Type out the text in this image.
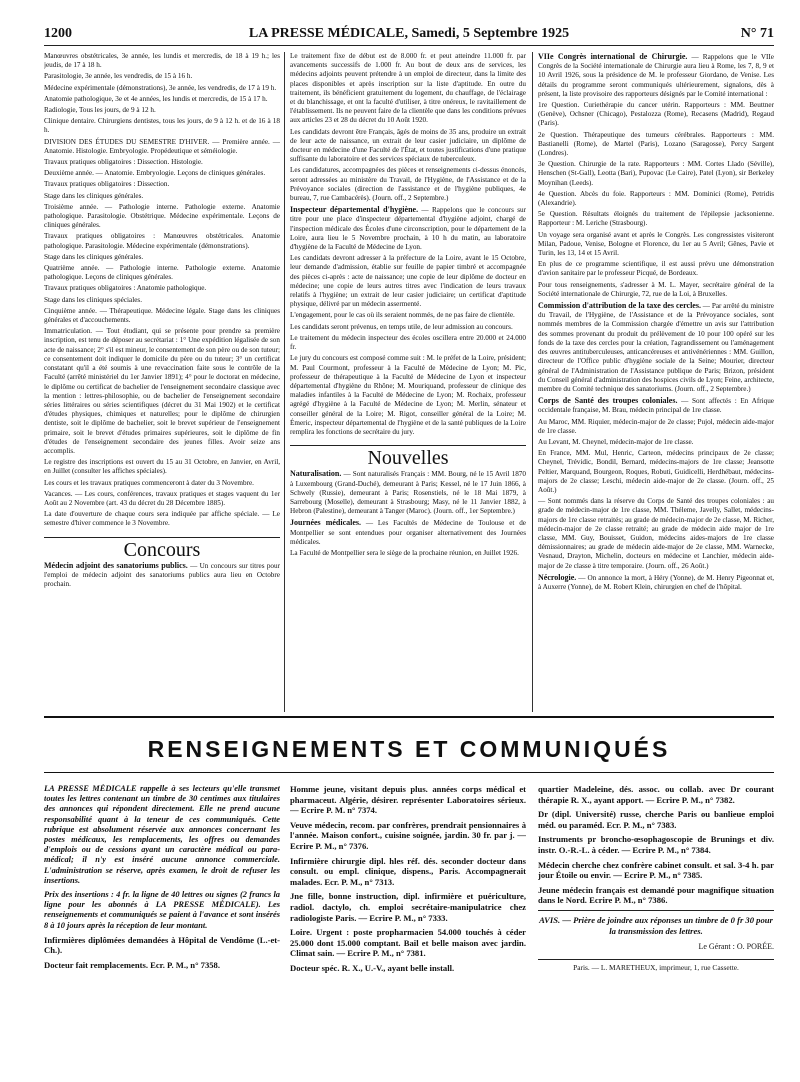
1200	LA PRESSE MÉDICALE, Samedi, 5 Septembre 1925	N° 71

Manœuvres obstétricales, 3e année, les lundis et mercredis, de 18 à 19 h.; les jeudis, de 17 à 18 h.

Parasitologie, 3e année, les vendredis, de 15 à 16 h.

Médecine expérimentale (démonstrations), 3e année, les vendredis, de 17 à 19 h.

Anatomie pathologique, 3e et 4e années, les lundis et mercredis, de 15 à 17 h.

Radiologie, Tous les jours, de 9 à 12 h.

Clinique dentaire. Chirurgiens dentistes, tous les jours, de 9 à 12 h. et de 16 à 18 h.

DIVISION DES ÉTUDES DU SEMESTRE D'HIVER. — Première année. — Anatomie. Histologie. Embryologie. Propédeutique et séméiologie.

Travaux pratiques obligatoires : Dissection. Histologie.

Deuxième année. — Anatomie. Embryologie. Leçons de cliniques générales.

Travaux pratiques obligatoires : Dissection.

Stage dans les cliniques générales.

Troisième année. — Pathologie interne. Pathologie externe. Anatomie pathologique. Parasitologie. Obstétrique. Médecine expérimentale. Leçons de cliniques générales.

Travaux pratiques obligatoires : Manœuvres obstétricales. Anatomie pathologique. Parasitologie. Médecine expérimentale (démonstrations).

Stage dans les cliniques générales.

Quatrième année. — Pathologie interne. Pathologie externe. Anatomie pathologique. Leçons de cliniques générales.

Travaux pratiques obligatoires : Anatomie pathologique.

Stage dans les cliniques spéciales.

Cinquième année. — Thérapeutique. Médecine légale. Stage dans les cliniques générales et d'accouchements.

Immatriculation. — Tout étudiant, qui se présente pour prendre sa première inscription, est tenu de déposer au secrétariat : 1° Une expédition légalisée de son acte de naissance; 2° s'il est mineur, le consentement de son père ou de son tuteur; ce consentement doit indiquer le domicile du père ou du tuteur; 3° un certificat constatant qu'il a été soumis à une revaccination faite sous le contrôle de la Faculté (arrêté ministériel du 1er Janvier 1891); 4° pour le doctorat en médecine, le diplôme ou certificat de bachelier de l'enseignement secondaire classique avec la mention : lettres-philosophie, ou de bachelier de l'enseignement secondaire séries littéraires ou séries scientifiques (décret du 31 Mai 1902) et le certificat d'études physiques, chimiques et naturelles; pour le diplôme de chirurgien dentiste, soit le diplôme de bachelier, soit le brevet supérieur de l'enseignement primaire, soit le brevet d'études primaires supérieures, soit le diplôme de fin d'études de l'enseignement secondaire des jeunes filles. Avoir seize ans accomplis.

Le registre des inscriptions est ouvert du 15 au 31 Octobre, en Janvier, en Avril, en Juillet (consulter les affiches spéciales).

Les cours et les travaux pratiques commenceront à dater du 3 Novembre.

Vacances. — Les cours, conférences, travaux pratiques et stages vaquent du 1er Août au 2 Novembre (art. 43 du décret du 28 Décembre 1885).

La date d'ouverture de chaque cours sera indiquée par affiche spéciale. — Le semestre d'hiver commence le 3 Novembre.

Concours

Médecin adjoint des sanatoriums publics. — Un concours sur titres pour l'emploi de médecin adjoint des sanatoriums publics aura lieu en Octobre prochain.

Le traitement fixe de début est de 8.000 fr. et peut atteindre 11.000 fr. par avancements successifs de 1.000 fr. Au bout de deux ans de services, les médecins adjoints peuvent prétendre à un emploi de directeur, dans la limite des places disponibles et après inscription sur la liste d'aptitude. En outre du traitement, ils bénéficient gratuitement du logement, du chauffage, de l'éclairage et du blanchissage, et ont la faculté d'utiliser, à titre onéreux, le ravitaillement de l'établissement. Ils ne peuvent faire de la clientèle que dans les conditions prévues aux articles 23 et 28 du décret du 10 Août 1920.

Les candidats devront être Français, âgés de moins de 35 ans, produire un extrait de leur acte de naissance, un extrait de leur casier judiciaire, un diplôme de docteur en médecine d'une Faculté de l'État, et toutes justifications d'une pratique suffisante du laboratoire et des services spéciaux de tuberculeux.

Les candidatures, accompagnées des pièces et renseignements ci-dessus énoncés, seront adressées au ministère du Travail, de l'Hygiène, de l'Assistance et de la Prévoyance sociales (direction de l'assistance et de l'hygiène publiques, 4e bureau, 7, rue Cambacérès). (Journ. off., 2 Septembre.)

Inspecteur départemental d'hygiène. — Rappelons que le concours sur titre pour une place d'inspecteur départemental d'hygiène adjoint, chargé de l'inspection médicale des Écoles d'une circonscription, pour le département de la Loire, aura lieu le 5 Novembre prochain, à 10 h du matin, au laboratoire d'hygiène de la Faculté de Médecine de Lyon.

Les candidats devront adresser à la préfecture de la Loire, avant le 15 Octobre, leur demande d'admission, établie sur feuille de papier timbré et accompagnée des pièces ci-après : acte de naissance; une copie de leur diplôme de docteur en médecine; une copie de leurs autres titres avec l'indication de leurs travaux relatifs à l'hygiène; un extrait de leur casier judiciaire; un certificat d'aptitude physique, délivré par un médecin assermenté.

L'engagement, pour le cas où ils seraient nommés, de ne pas faire de clientèle.

Les candidats seront prévenus, en temps utile, de leur admission au concours.

Le traitement du médecin inspecteur des écoles oscillera entre 20.000 et 24.000 fr.

Le jury du concours est composé comme suit : M. le préfet de la Loire, président; M. Paul Courmont, professeur à la Faculté de Médecine de Lyon; M. Pic, professeur de thérapeutique à la Faculté de Médecine de Lyon et inspecteur départemental d'hygiène du Rhône; M. Mouriquand, professeur de clinique des maladies infantiles à la Faculté de Médecine de Lyon; M. Rochaix, professeur agrégé d'hygiène à la Faculté de Médecine de Lyon; M. Merlin, sénateur et conseiller général de la Loire; M. Rigot, conseiller général de la Loire; M. Émeric, inspecteur départemental de l'hygiène et de la santé publiques de la Loire remplira les fonctions de secrétaire du jury.

Nouvelles

Naturalisation. — Sont naturalisés Français : MM. Bourg, né le 15 Avril 1870 à Luxembourg (Grand-Duché), demeurant à Paris; Kessel, né le 17 Juin 1866, à Schwely (Russie), demeurant à Paris; Rosenstiels, né le 18 Mai 1879, à Sarrebourg (Moselle), demeurant à Strasbourg; Masy, né le 11 Janvier 1882, à Hebron (Palestine), demeurant à Tanger (Maroc). (Journ. off., 1er Septembre.)

Journées médicales. — Les Facultés de Médecine de Toulouse et de Montpellier se sont entendues pour organiser alternativement des Journées médicales.

La Faculté de Montpellier sera le siège de la prochaine réunion, en Juillet 1926.

VIIe Congrès international de Chirurgie. — Rappelons que le VIIe Congrès de la Société internationale de Chirurgie aura lieu à Rome, les 7, 8, 9 et 10 Avril 1926, sous la présidence de M. le professeur Giordano, de Venise. Les détails du programme seront communiqués ultérieurement, signalons, dès à présent, la liste provisoire des rapporteurs désignés par le Comité international :

1re Question. Curiethérapie du cancer utérin. Rapporteurs : MM. Beuttner (Genève), Ochsner (Chicago), Pestalozza (Rome), Recasens (Madrid), Regaud (Paris).

2e Question. Thérapeutique des tumeurs cérébrales. Rapporteurs : MM. Bastianelli (Rome), de Martel (Paris), Lozano (Saragosse), Percy Sargent (Londres).

3e Question. Chirurgie de la rate. Rapporteurs : MM. Cortes Llado (Séville), Henschen (St-Gall), Leotta (Bari), Pupovac (Le Caire), Patel (Lyon), sir Berkeley Moynihan (Leeds).

4e Question. Abcès du foie. Rapporteurs : MM. Dominici (Rome), Petridis (Alexandrie).

5e Question. Résultats éloignés du traitement de l'épilepsie jacksonienne. Rapporteur : M. Leriche (Strasbourg).

Un voyage sera organisé avant et après le Congrès. Les congressistes visiteront Milan, Padoue, Venise, Bologne et Florence, du 1er au 5 Avril; Gênes, Pavie et Turin, les 13, 14 et 15 Avril.

En plus de ce programme scientifique, il est aussi prévu une démonstration d'avion sanitaire par le professeur Picqué, de Bordeaux.

Pour tous renseignements, s'adresser à M. L. Mayer, secrétaire général de la Société internationale de Chirurgie, 72, rue de la Loi, à Bruxelles.

Commission d'attribution de la taxe des cercles. — Par arrêté du ministre du Travail, de l'Hygiène, de l'Assistance et de la Prévoyance sociales, sont nommés membres de la Commission chargée d'émettre un avis sur l'attribution des sommes provenant du produit du prélèvement de 10 pour 100 opéré sur les fonds de la taxe des cercles pour la création, l'agrandissement ou l'aménagement des œuvres antituberculeuses, anticancéreuses et antivénériennes : MM. Guillon, directeur de l'Office public d'hygiène sociale de la Seine; Mourier, directeur général de l'Administration de l'Assistance publique de Paris; Brizon, président du Conseil général d'administration des hospices civils de Lyon; Feine, architecte, membre du Comité technique des sanatoriums. (Journ. off., 2 Septembre.)

Corps de Santé des troupes coloniales. — Sont affectés : En Afrique occidentale française, M. Brau, médecin principal de 1re classe.

Au Maroc, MM. Riquier, médecin-major de 2e classe; Pujol, médecin aide-major de 1re classe.

Au Levant, M. Cheynel, médecin-major de 1re classe.

En France, MM. Mul, Henric, Carteon, médecins principaux de 2e classe; Cheynel, Trévidic, Bondil, Bernard, médecins-majors de 1re classe; Jeansotte Peltier, Marquand, Bourgeon, Roques, Robuti, Guidicelli, Herdhébaut, médecins-majors de 2e classe; Leschi, médecin aide-major de 2e classe. (Journ. off., 25 Août.)

— Sont nommés dans la réserve du Corps de Santé des troupes coloniales : au grade de médecin-major de 1re classe, MM. Théleme, Javelly, Sallet, médecins-majors de 1re classe retraités; au grade de médecin-major de 2e classe, M. Richer, médecin-major de 2e classe retraité; au grade de médecin aide major de 1re classe, MM. Guy, Bouisset, Guidon, médecins aides-majors de 1re classe démissionnaires; au grade de médecin aide-major de 2e classe, MM. Warnecke, Vesnaud, Drayton, Michelin, docteurs en médecine et Lanchier, médecin aide-major de 2e classe à titre temporaire. (Journ. off., 26 Août.)

Nécrologie. — On annonce la mort, à Héry (Yonne), de M. Henry Pigeonnat et, à Auxerre (Yonne), de M. Robert Klein, chirurgien en chef de l'hôpital.

RENSEIGNEMENTS ET COMMUNIQUÉS

LA PRESSE MÉDICALE rappelle à ses lecteurs qu'elle transmet toutes les lettres contenant un timbre de 30 centimes aux titulaires des annonces qui répondent directement. Elle ne prend aucune responsabilité quant à la teneur de ces communiqués. Cette rubrique est absolument réservée aux annonces concernant les postes médicaux, les remplacements, les offres ou demandes d'emplois ou de cessions ayant un caractère médical ou para-médical; il n'y est inséré aucune annonce commerciale. L'administration se réserve, après examen, le droit de refuser les insertions.

Prix des insertions : 4 fr. la ligne de 40 lettres ou signes (2 francs la ligne pour les abonnés à LA PRESSE MÉDICALE). Les renseignements et communiqués se paient à l'avance et sont insérés 8 à 10 jours après la réception de leur montant.

Infirmières diplômées demandées à Hôpital de Vendôme (L.-et-Ch.).

Docteur fait remplacements. Ecr. P. M., n° 7358.

Homme jeune, visitant depuis plus. années corps médical et pharmaceut. Algérie, désirer. représenter Laboratoires sérieux. — Ecrire P. M. n° 7374.

Veuve médecin, recom. par confrères, prendrait pensionnaires à l'année. Maison confort., cuisine soignée, jardin. 30 fr. par j. — Ecrire P. M., n° 7376.

Infirmière chirurgie dipl. hles réf. dés. seconder docteur dans consult. ou empl. clinique, dispens., Paris. Accompagnerait malades. Ecr. P. M., n° 7313.

Jne fille, bonne instruction, dipl. infirmière et puériculture, radiol. dactylo, ch. emploi secrétaire-manipulatrice chez radiologiste Paris. — Ecrire P. M., n° 7333.

Loire. Urgent : poste propharmacien 54.000 touchés à céder 25.000 dont 15.000 comptant. Bail et belle maison avec jardin. Climat sain. — Ecrire P. M., n° 7381.

Docteur spéc. R. X., U.-V., ayant belle install.

quartier Madeleine, dés. assoc. ou collab. avec Dr courant thérapie R. X., ayant apport. — Ecrire P. M., n° 7382.

Dr (dipl. Université) russe, cherche Paris ou banlieue emploi méd. ou paraméd. Ecr. P. M., n° 7383.

Instruments pr broncho-œsophagoscopie de Brunings et div. instr. O.-R.-L. à céder. — Ecrire P. M., n° 7384.

Médecin cherche chez confrère cabinet consult. et sal. 3-4 h. par jour Étoile ou envir. — Ecrire P. M., n° 7385.

Jeune médecin français est demandé pour magnifique situation dans le Nord. Ecrire P. M., n° 7386.

AVIS. — Prière de joindre aux réponses un timbre de 0 fr 30 pour la transmission des lettres.

Le Gérant : O. PORÉE.

Paris. — L. MARETHEUX, imprimeur, 1, rue Cassette.
